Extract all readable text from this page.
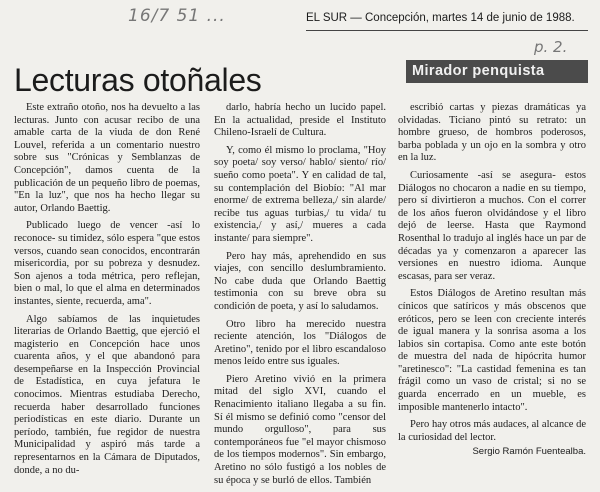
16/7 51 ...
p. 2.
EL SUR — Concepción, martes 14 de junio de 1988.
Lecturas otoñales	Mirador penquista

Este extraño otoño, nos ha devuelto a las lecturas. Junto con acusar recibo de una amable carta de la viuda de don René Louvel, referida a un comentario nuestro sobre sus "Crónicas y Semblanzas de Concepción", damos cuenta de la publicación de un pequeño libro de poemas, "En la luz", que nos ha hecho llegar su autor, Orlando Baettig.

Publicado luego de vencer -así lo reconoce- su timidez, sólo espera "que estos versos, cuando sean conocidos, encontrarán misericordia, por su pobreza y desnudez. Son ajenos a toda métrica, pero reflejan, bien o mal, lo que el alma en determinados instantes, siente, recuerda, ama".

Algo sabíamos de las inquietudes literarias de Orlando Baettig, que ejerció el magisterio en Concepción hace unos cuarenta años, y el que abandonó para desempeñarse en la Inspección Provincial de Estadística, en cuya jefatura le conocimos. Mientras estudiaba Derecho, recuerda haber desarrollado funciones periodísticas en este diario. Durante un período, también, fue regidor de nuestra Municipalidad y aspiró más tarde a representarnos en la Cámara de Diputados, donde, a no du-

darlo, habría hecho un lucido papel. En la actualidad, preside el Instituto Chileno-Israelí de Cultura.

Y, como él mismo lo proclama, "Hoy soy poeta/ soy verso/ hablo/ siento/ río/ sueño como poeta". Y en calidad de tal, su contemplación del Biobío: "Al mar enorme/ de extrema belleza,/ sin alarde/ recibe tus aguas turbias,/ tu vida/ tu existencia,/ y así,/ mueres a cada instante/ para siempre".

Pero hay más, aprehendido en sus viajes, con sencillo deslumbramiento. No cabe duda que Orlando Baettig testimonia con su breve obra su condición de poeta, y así lo saludamos.

Otro libro ha merecido nuestra reciente atención, los "Diálogos de Aretino", tenido por el libro escandaloso menos leído entre sus iguales.

Piero Aretino vivió en la primera mitad del siglo XVI, cuando el Renacimiento italiano llegaba a su fin. Sí él mismo se definió como "censor del mundo orgulloso", para sus contemporáneos fue "el mayor chismoso de los tiempos modernos". Sin embargo, Aretino no sólo fustigó a los nobles de su época y se burló de ellos. También

escribió cartas y piezas dramáticas ya olvidadas. Ticiano pintó su retrato: un hombre grueso, de hombros poderosos, barba poblada y un ojo en la sombra y otro en la luz.

Curiosamente -así se asegura- estos Diálogos no chocaron a nadie en su tiempo, pero sí divirtieron a muchos. Con el correr de los años fueron olvidándose y el libro dejó de leerse. Hasta que Raymond Rosenthal lo tradujo al inglés hace un par de décadas ya y comenzaron a aparecer las versiones en nuestro idioma. Aunque escasas, para ser veraz.

Estos Diálogos de Aretino resultan más cínicos que satíricos y más obscenos que eróticos, pero se leen con creciente interés de igual manera y la sonrisa asoma a los labios sin cortapisa. Como ante este botón de muestra del nada de hipócrita humor "aretinesco": "La castidad femenina es tan frágil como un vaso de cristal; si no se guarda encerrado en un mueble, es imposible mantenerlo intacto".

Pero hay otros más audaces, al alcance de la curiosidad del lector.

Sergio Ramón Fuentealba.
